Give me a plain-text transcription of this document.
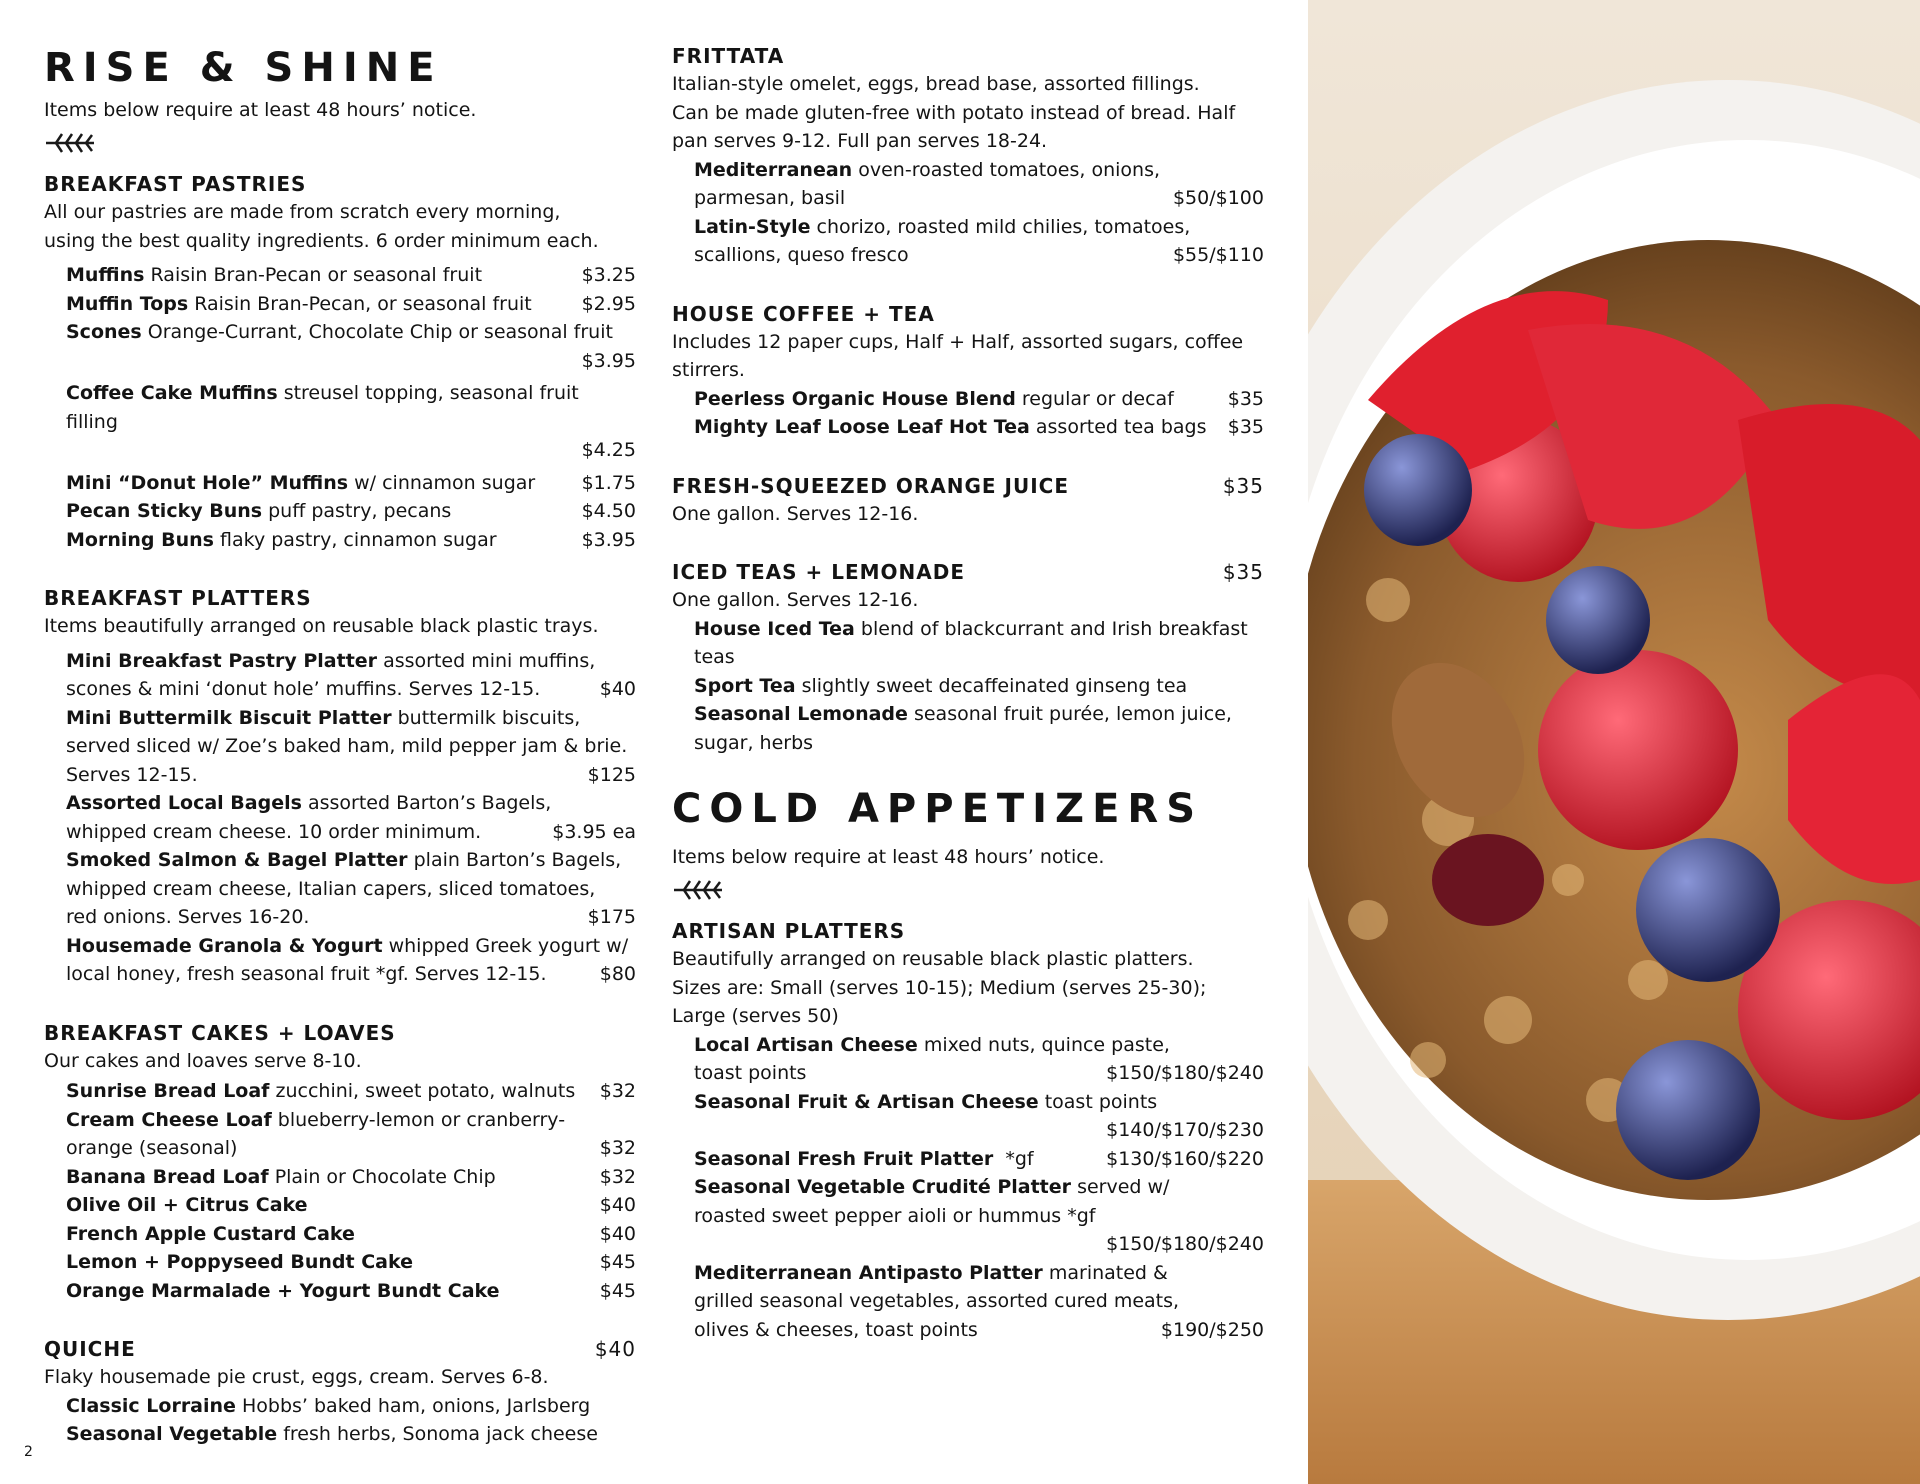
RISE & SHINE

Items below require at least 48 hours’ notice.

BREAKFAST PASTRIES

All our pastries are made from scratch every morning,

using the best quality ingredients. 6 order minimum each.

Muffins Raisin Bran-Pecan or seasonal fruit	$3.25
Muffin Tops Raisin Bran-Pecan, or seasonal fruit	$2.95
Scones Orange-Currant, Chocolate Chip or seasonal fruit
$3.95
Coffee Cake Muffins streusel topping, seasonal fruit filling
$4.25
Mini “Donut Hole” Muffins w/ cinnamon sugar $1.75
Pecan Sticky Buns puff pastry, pecans	$4.50
Morning Buns flaky pastry, cinnamon sugar	$3.95
BREAKFAST PLATTERS

Items beautifully arranged on reusable black plastic trays.

Mini Breakfast Pastry Platter assorted mini muffins,
scones & mini ‘donut hole’ muffins. Serves 12-15.	$40
Mini Buttermilk Biscuit Platter buttermilk biscuits,
served sliced w/ Zoe’s baked ham, mild pepper jam & brie.
Serves 12-15.	$125
Assorted Local Bagels assorted Barton’s Bagels,
whipped cream cheese. 10 order minimum.	$3.95 ea
Smoked Salmon & Bagel Platter plain Barton’s Bagels,
whipped cream cheese, Italian capers, sliced tomatoes,
red onions. Serves 16-20.	$175
Housemade Granola & Yogurt whipped Greek yogurt w/
local honey, fresh seasonal fruit *gf. Serves 12-15.	$80
BREAKFAST CAKES + LOAVES

Our cakes and loaves serve 8-10.

Sunrise Bread Loaf zucchini, sweet potato, walnuts $32
Cream Cheese Loaf blueberry-lemon or cranberry-
orange (seasonal)	$32
Banana Bread Loaf Plain or Chocolate Chip	$32
Olive Oil + Citrus Cake	$40
French Apple Custard Cake	$40
Lemon + Poppyseed Bundt Cake	$45
Orange Marmalade + Yogurt Bundt Cake	$45
QUICHE	$40

Flaky housemade pie crust, eggs, cream. Serves 6-8.

Classic Lorraine Hobbs’ baked ham, onions, Jarlsberg
Seasonal Vegetable fresh herbs, Sonoma jack cheese
FRITTATA

Italian-style omelet, eggs, bread base, assorted fillings.

Can be made gluten-free with potato instead of bread. Half

pan serves 9-12. Full pan serves 18-24.

Mediterranean oven-roasted tomatoes, onions,
parmesan, basil	$50/$100
Latin-Style chorizo, roasted mild chilies, tomatoes,
scallions, queso fresco	$55/$110
HOUSE COFFEE + TEA

Includes 12 paper cups, Half + Half, assorted sugars, coffee

stirrers.

Peerless Organic House Blend regular or decaf	$35
Mighty Leaf Loose Leaf Hot Tea assorted tea bags $35
FRESH-SQUEEZED ORANGE JUICE	$35

One gallon. Serves 12-16.

ICED TEAS + LEMONADE	$35

One gallon. Serves 12-16.

House Iced Tea blend of blackcurrant and Irish breakfast
teas
Sport Tea slightly sweet decaffeinated ginseng tea
Seasonal Lemonade seasonal fruit purée, lemon juice,
sugar, herbs
COLD APPETIZERS

Items below require at least 48 hours’ notice.

ARTISAN PLATTERS

Beautifully arranged on reusable black plastic platters.

Sizes are: Small (serves 10-15); Medium (serves 25-30);

Large (serves 50)

Local Artisan Cheese mixed nuts, quince paste,
toast points	$150/$180/$240
Seasonal Fruit & Artisan Cheese toast points
$140/$170/$230
Seasonal Fresh Fruit Platter  *gf	$130/$160/$220
Seasonal Vegetable Crudité Platter served w/
roasted sweet pepper aioli or hummus *gf
$150/$180/$240
Mediterranean Antipasto Platter marinated &
grilled seasonal vegetables, assorted cured meats,
olives & cheeses, toast points	$190/$250
2
